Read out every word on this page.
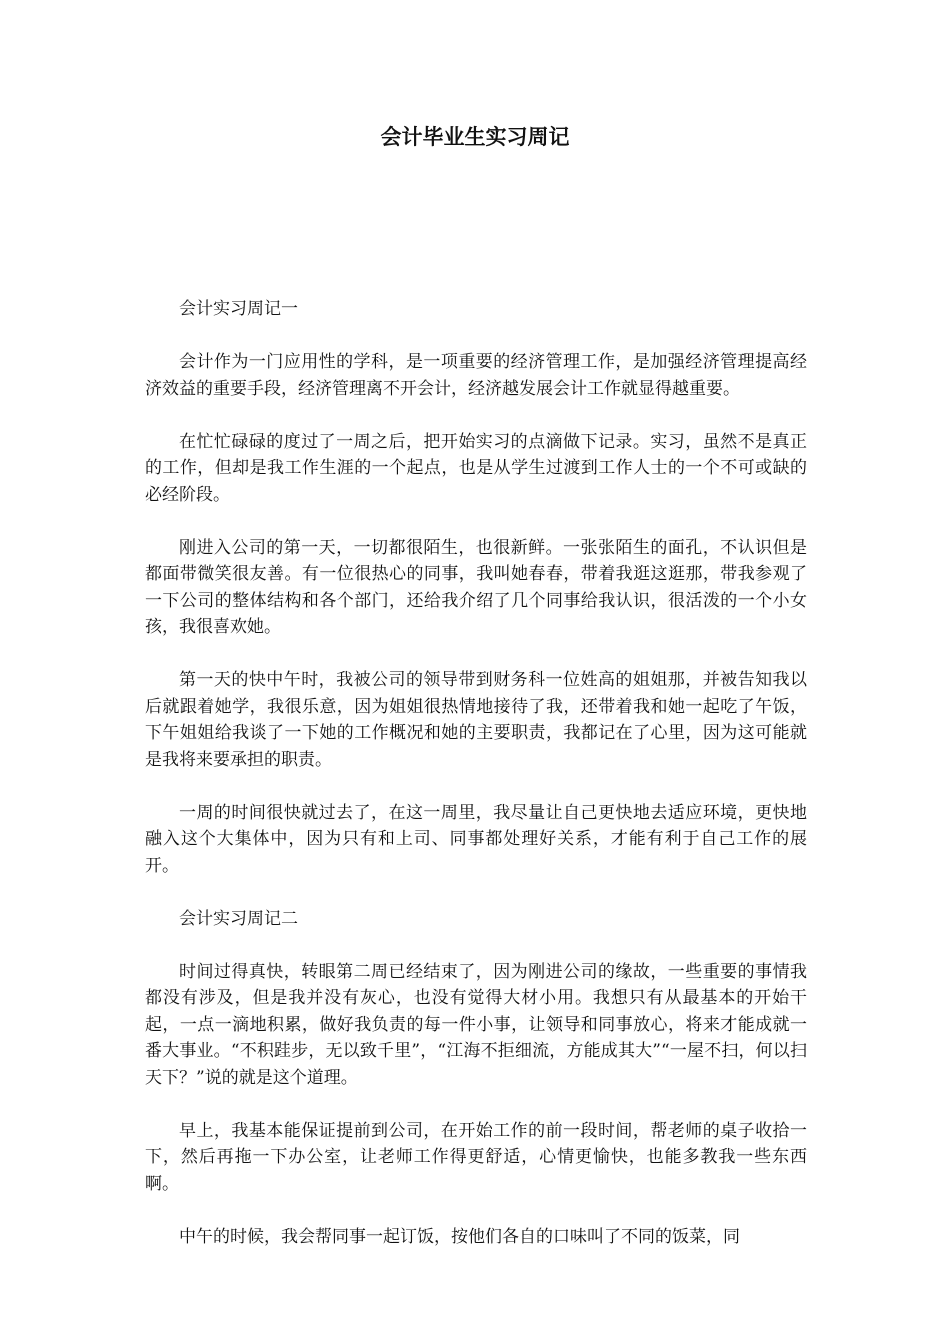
会计毕业生实习周记

会计实习周记一

会计作为一门应用性的学科，是一项重要的经济管理工作，是加强经济管理提高经济效益的重要手段，经济管理离不开会计，经济越发展会计工作就显得越重要。

在忙忙碌碌的度过了一周之后，把开始实习的点滴做下记录。实习，虽然不是真正的工作，但却是我工作生涯的一个起点，也是从学生过渡到工作人士的一个不可或缺的必经阶段。

刚进入公司的第一天，一切都很陌生，也很新鲜。一张张陌生的面孔，不认识但是都面带微笑很友善。有一位很热心的同事，我叫她春春，带着我逛这逛那，带我参观了一下公司的整体结构和各个部门，还给我介绍了几个同事给我认识，很活泼的一个小女孩，我很喜欢她。

第一天的快中午时，我被公司的领导带到财务科一位姓高的姐姐那，并被告知我以后就跟着她学，我很乐意，因为姐姐很热情地接待了我，还带着我和她一起吃了午饭，下午姐姐给我谈了一下她的工作概况和她的主要职责，我都记在了心里，因为这可能就是我将来要承担的职责。

一周的时间很快就过去了，在这一周里，我尽量让自己更快地去适应环境，更快地融入这个大集体中，因为只有和上司、同事都处理好关系，才能有利于自己工作的展开。

会计实习周记二

时间过得真快，转眼第二周已经结束了，因为刚进公司的缘故，一些重要的事情我都没有涉及，但是我并没有灰心，也没有觉得大材小用。我想只有从最基本的开始干起，一点一滴地积累，做好我负责的每一件小事，让领导和同事放心，将来才能成就一番大事业。“不积跬步，无以致千里”，“江海不拒细流，方能成其大”“一屋不扫，何以扫天下？”说的就是这个道理。

早上，我基本能保证提前到公司，在开始工作的前一段时间，帮老师的桌子收拾一下，然后再拖一下办公室，让老师工作得更舒适，心情更愉快，也能多教我一些东西啊。

中午的时候，我会帮同事一起订饭，按他们各自的口味叫了不同的饭菜，同
